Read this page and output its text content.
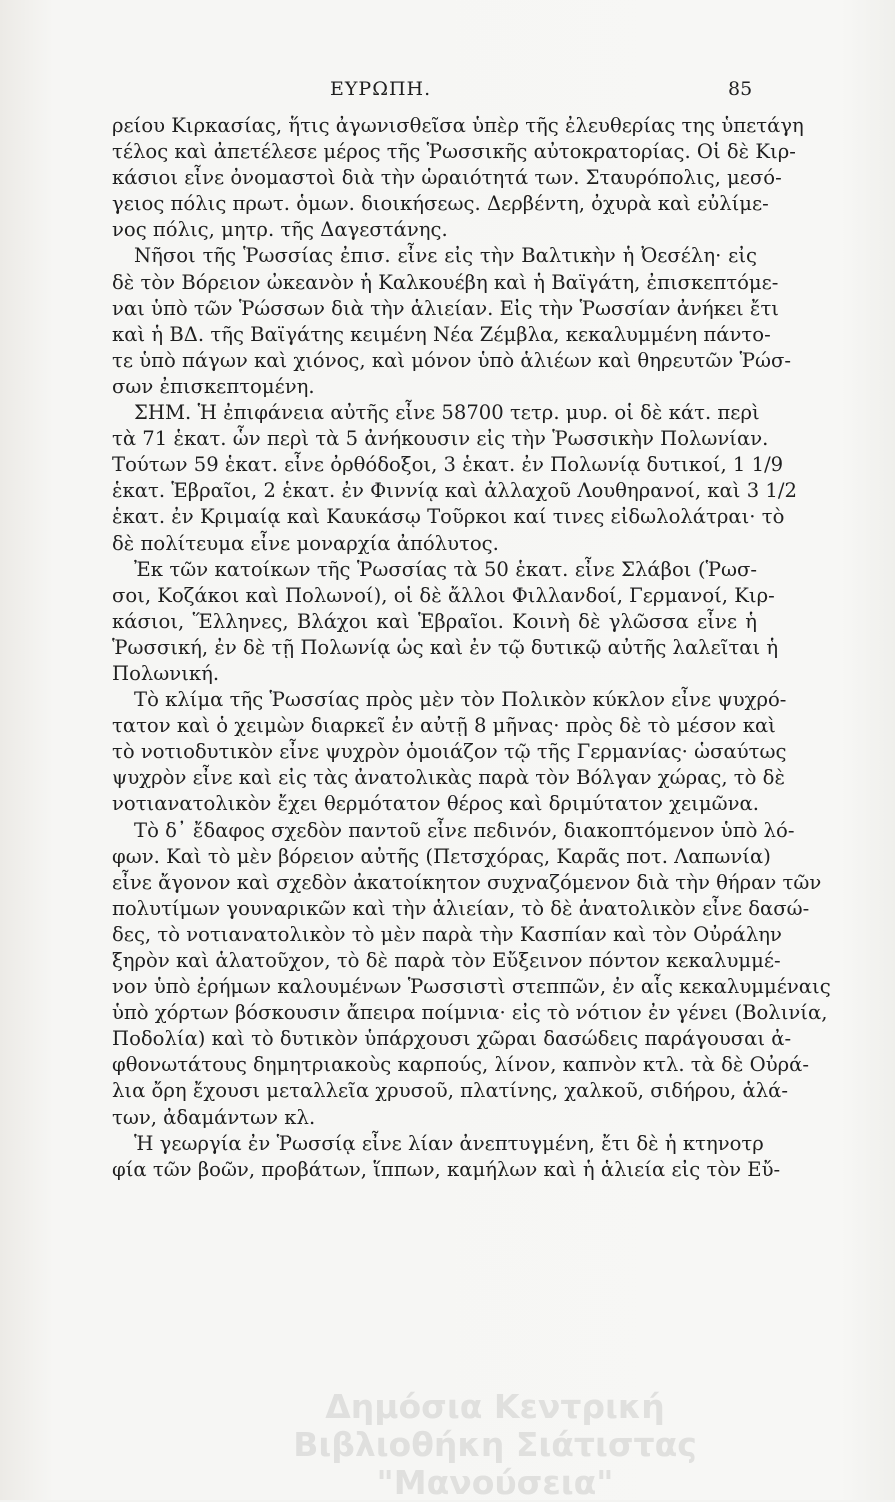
ΕΥΡΩΠΗ.	85
ρείου Κιρκασίας, ἥτις ἀγωνισθεῖσα ὑπὲρ τῆς ἐλευθερίας της ὑπετάγη
τέλος καὶ ἀπετέλεσε μέρος τῆς Ῥωσσικῆς αὐτοκρατορίας. Οἱ δὲ Κιρ-
κάσιοι εἶνε ὀνομαστοὶ διὰ τὴν ὡραιότητά των. Σταυρόπολις, μεσό-
γειος πόλις πρωτ. ὁμων. διοικήσεως. Δερβέντη, ὀχυρὰ καὶ εὐλίμε-
νος πόλις, μητρ. τῆς Δαγεστάνης.
Νῆσοι τῆς Ῥωσσίας ἐπισ. εἶνε εἰς τὴν Βαλτικὴν ἡ Ὀεσέλη· εἰς
δὲ τὸν Βόρειον ὠκεανὸν ἡ Καλκουέβη καὶ ἡ Βαϊγάτη, ἐπισκεπτόμε-
ναι ὑπὸ τῶν Ῥώσσων διὰ τὴν ἁλιείαν. Εἰς τὴν Ῥωσσίαν ἀνήκει ἔτι
καὶ ἡ ΒΔ. τῆς Βαϊγάτης κειμένη Νέα Ζέμβλα, κεκαλυμμένη πάντο-
τε ὑπὸ πάγων καὶ χιόνος, καὶ μόνον ὑπὸ ἁλιέων καὶ θηρευτῶν Ῥώσ-
σων ἐπισκεπτομένη.
ΣΗΜ. Ἡ ἐπιφάνεια αὐτῆς εἶνε 58700 τετρ. μυρ. οἱ δὲ κάτ. περὶ
τὰ 71 ἑκατ. ὧν περὶ τὰ 5 ἀνήκουσιν εἰς τὴν Ῥωσσικὴν Πολωνίαν.
Τούτων 59 ἑκατ. εἶνε ὀρθόδοξοι, 3 ἑκατ. ἐν Πολωνίᾳ δυτικοί, 1 1/9
ἑκατ. Ἑβραῖοι, 2 ἑκατ. ἐν Φιννίᾳ καὶ ἀλλαχοῦ Λουθηρανοί, καὶ 3 1/2
ἑκατ. ἐν Κριμαίᾳ καὶ Καυκάσῳ Τοῦρκοι καί τινες εἰδωλολάτραι· τὸ
δὲ πολίτευμα εἶνε μοναρχία ἀπόλυτος.
Ἐκ τῶν κατοίκων τῆς Ῥωσσίας τὰ 50 ἑκατ. εἶνε Σλάβοι (Ῥωσ-
σοι, Κοζάκοι καὶ Πολωνοί), οἱ δὲ ἄλλοι Φιλλανδοί, Γερμανοί, Κιρ-
κάσιοι, Ἕλληνες, Βλάχοι καὶ Ἑβραῖοι. Κοινὴ δὲ γλῶσσα εἶνε ἡ
Ῥωσσική, ἐν δὲ τῇ Πολωνίᾳ ὡς καὶ ἐν τῷ δυτικῷ αὐτῆς λαλεῖται ἡ
Πολωνική.
Τὸ κλίμα τῆς Ῥωσσίας πρὸς μὲν τὸν Πολικὸν κύκλον εἶνε ψυχρό-
τατον καὶ ὁ χειμὼν διαρκεῖ ἐν αὐτῇ 8 μῆνας· πρὸς δὲ τὸ μέσον καὶ
τὸ νοτιοδυτικὸν εἶνε ψυχρὸν ὁμοιάζον τῷ τῆς Γερμανίας· ὡσαύτως
ψυχρὸν εἶνε καὶ εἰς τὰς ἀνατολικὰς παρὰ τὸν Βόλγαν χώρας, τὸ δὲ
νοτιανατολικὸν ἔχει θερμότατον θέρος καὶ δριμύτατον χειμῶνα.
Τὸ δ᾽ ἔδαφος σχεδὸν παντοῦ εἶνε πεδινόν, διακοπτόμενον ὑπὸ λό-
φων. Καὶ τὸ μὲν βόρειον αὐτῆς (Πετσχόρας, Καρᾶς ποτ. Λαπωνία)
εἶνε ἄγονον καὶ σχεδὸν ἀκατοίκητον συχναζόμενον διὰ τὴν θήραν τῶν
πολυτίμων γουναρικῶν καὶ τὴν ἁλιείαν, τὸ δὲ ἀνατολικὸν εἶνε δασώ-
δες, τὸ νοτιανατολικὸν τὸ μὲν παρὰ τὴν Κασπίαν καὶ τὸν Οὐράλην
ξηρὸν καὶ ἁλατοῦχον, τὸ δὲ παρὰ τὸν Εὔξεινον πόντον κεκαλυμμέ-
νον ὑπὸ ἐρήμων καλουμένων Ῥωσσιστὶ στεππῶν, ἐν αἷς κεκαλυμμέναις
ὑπὸ χόρτων βόσκουσιν ἄπειρα ποίμνια· εἰς τὸ νότιον ἐν γένει (Βολινία,
Ποδολία) καὶ τὸ δυτικὸν ὑπάρχουσι χῶραι δασώδεις παράγουσαι ἀ-
φθονωτάτους δημητριακοὺς καρπούς, λίνον, καπνὸν κτλ. τὰ δὲ Οὐρά-
λια ὄρη ἔχουσι μεταλλεῖα χρυσοῦ, πλατίνης, χαλκοῦ, σιδήρου, ἁλά-
των, ἀδαμάντων κλ.
Ἡ γεωργία ἐν Ῥωσσίᾳ εἶνε λίαν ἀνεπτυγμένη, ἔτι δὲ ἡ κτηνοτρ
φία τῶν βοῶν, προβάτων, ἵππων, καμήλων καὶ ἡ ἁλιεία εἰς τὸν Εὔ-
Δημόσια Κεντρική
Βιβλιοθήκη Σιάτιστας "Μανούσεια"
